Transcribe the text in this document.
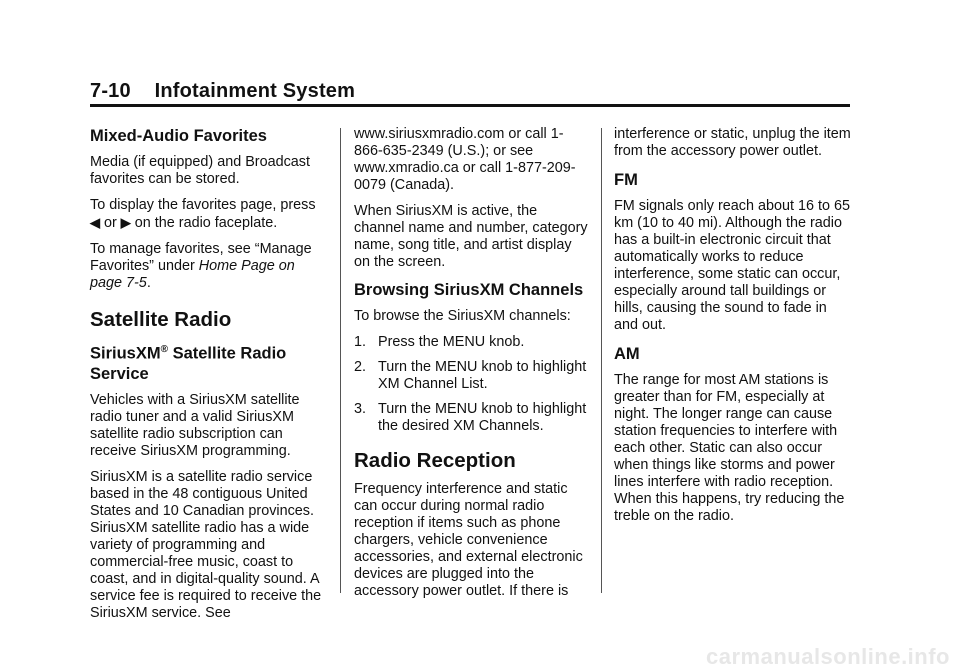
7-10 Infotainment System
Mixed-Audio Favorites

Media (if equipped) and Broadcast favorites can be stored.

To display the favorites page, press
◀ or ▶ on the radio faceplate.

To manage favorites, see “Manage Favorites” under Home Page on page 7-5.

Satellite Radio
SiriusXM® Satellite Radio Service

Vehicles with a SiriusXM satellite radio tuner and a valid SiriusXM satellite radio subscription can receive SiriusXM programming.

SiriusXM is a satellite radio service based in the 48 contiguous United States and 10 Canadian provinces. SiriusXM satellite radio has a wide variety of programming and commercial-free music, coast to coast, and in digital-quality sound. A service fee is required to receive the SiriusXM service. See

www.siriusxmradio.com or call 1-866-635-2349 (U.S.); or see www.xmradio.ca or call 1-877-209-0079 (Canada).

When SiriusXM is active, the channel name and number, category name, song title, and artist display on the screen.

Browsing SiriusXM Channels

To browse the SiriusXM channels:

1. Press the MENU knob.
2. Turn the MENU knob to highlight XM Channel List.
3. Turn the MENU knob to highlight the desired XM Channels.
Radio Reception

Frequency interference and static can occur during normal radio reception if items such as phone chargers, vehicle convenience accessories, and external electronic devices are plugged into the accessory power outlet. If there is

interference or static, unplug the item from the accessory power outlet.

FM

FM signals only reach about 16 to 65 km (10 to 40 mi). Although the radio has a built-in electronic circuit that automatically works to reduce interference, some static can occur, especially around tall buildings or hills, causing the sound to fade in and out.

AM

The range for most AM stations is greater than for FM, especially at night. The longer range can cause station frequencies to interfere with each other. Static can also occur when things like storms and power lines interfere with radio reception. When this happens, try reducing the treble on the radio.

carmanualsonline.info
